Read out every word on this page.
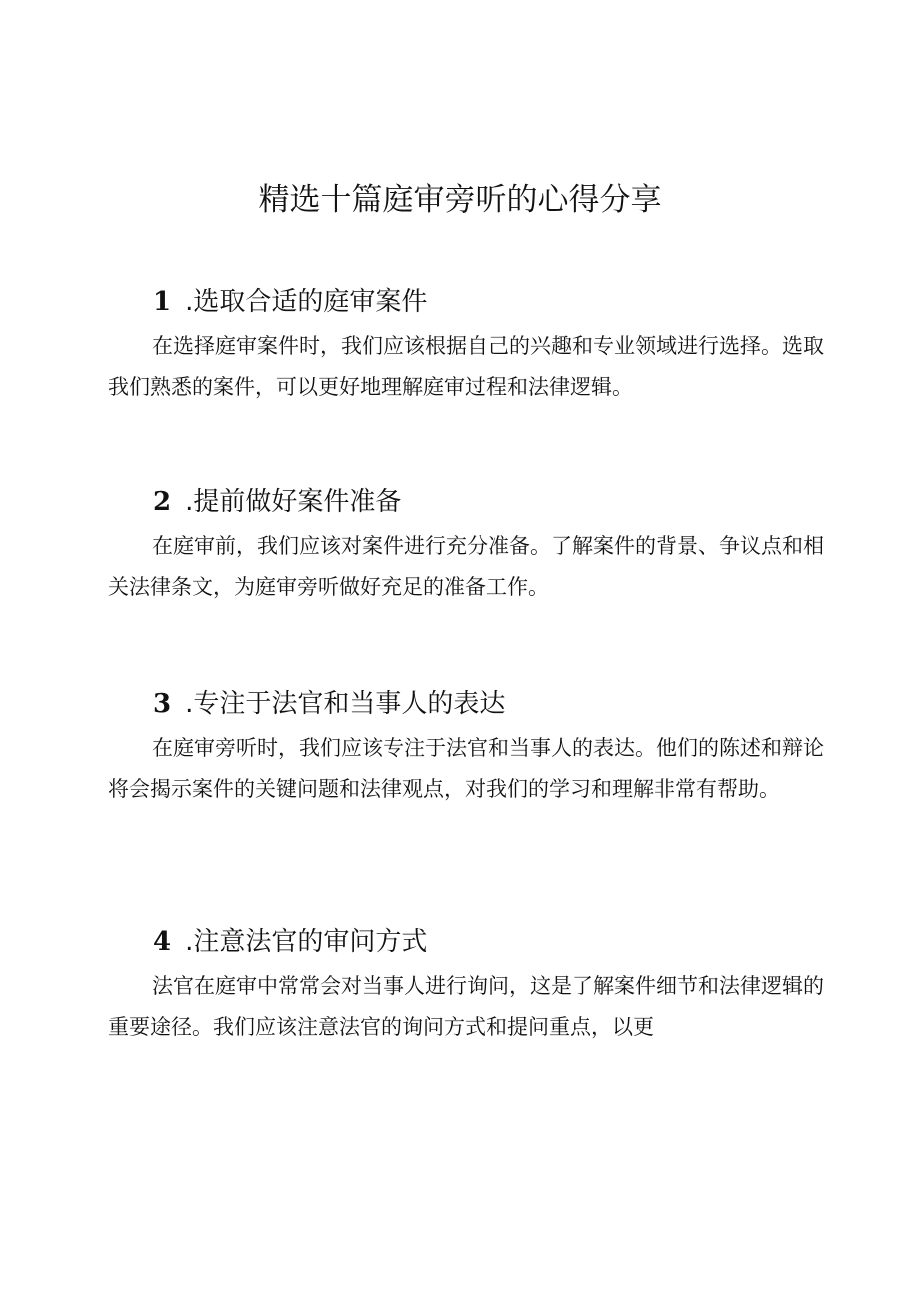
精选十篇庭审旁听的心得分享
1 .选取合适的庭审案件

在选择庭审案件时，我们应该根据自己的兴趣和专业领域进行选择。选取我们熟悉的案件，可以更好地理解庭审过程和法律逻辑。

2 .提前做好案件准备

在庭审前，我们应该对案件进行充分准备。了解案件的背景、争议点和相关法律条文，为庭审旁听做好充足的准备工作。

3 .专注于法官和当事人的表达

在庭审旁听时，我们应该专注于法官和当事人的表达。他们的陈述和辩论将会揭示案件的关键问题和法律观点，对我们的学习和理解非常有帮助。

4 .注意法官的审问方式

法官在庭审中常常会对当事人进行询问，这是了解案件细节和法律逻辑的重要途径。我们应该注意法官的询问方式和提问重点，以更
